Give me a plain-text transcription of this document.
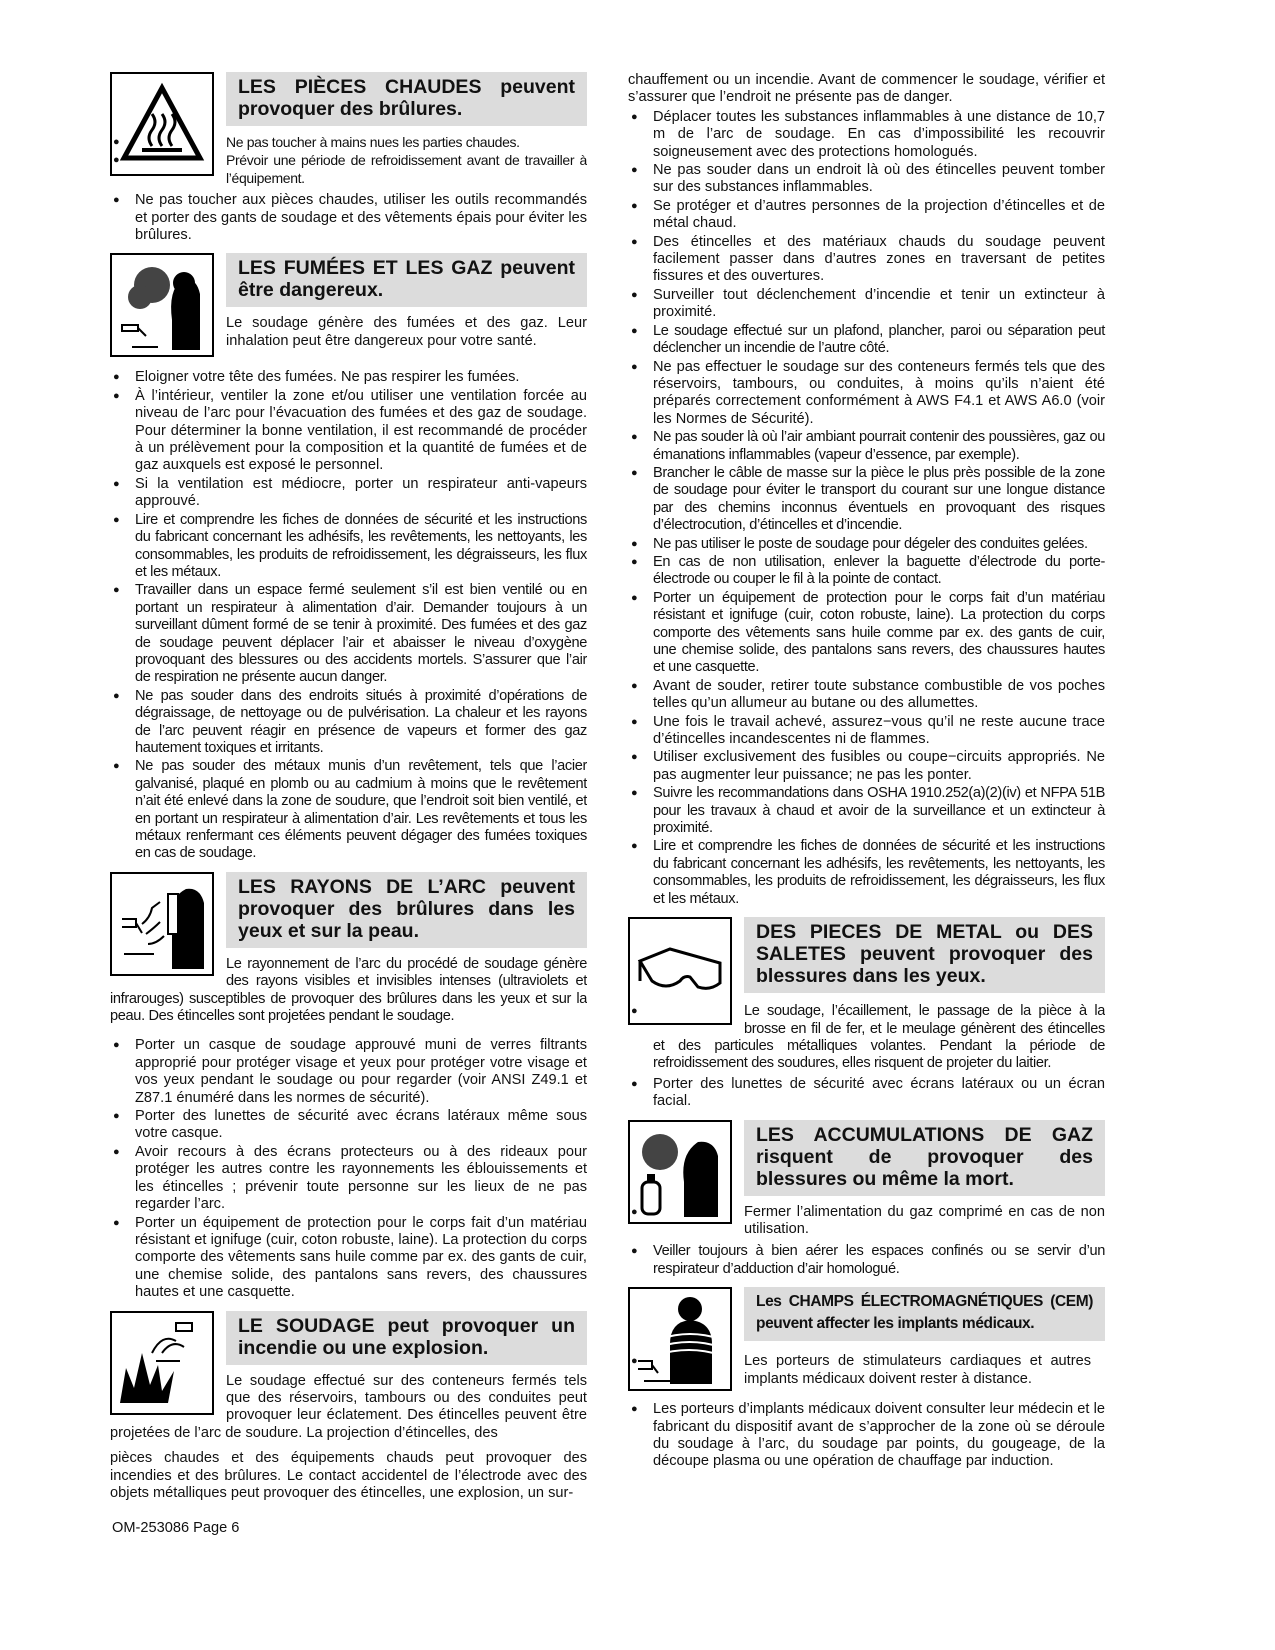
LES PIÈCES CHAUDES peuvent provoquer des brûlures.
● Ne pas toucher à mains nues les parties chaudes.
● Prévoir une période de refroidissement avant de travailler à l’équipement.
● Ne pas toucher aux pièces chaudes, utiliser les outils recommandés et porter des gants de soudage et des vêtements épais pour éviter les brûlures.
LES FUMÉES ET LES GAZ peuvent être dangereux.

Le soudage génère des fumées et des gaz. Leur inhalation peut être dangereux pour votre santé.

● Eloigner votre tête des fumées. Ne pas respirer les fumées.
● À l’intérieur, ventiler la zone et/ou utiliser une ventilation forcée au niveau de l’arc pour l’évacuation des fumées et des gaz de soudage. Pour déterminer la bonne ventilation, il est recommandé de procéder à un prélèvement pour la composition et la quantité de fumées et de gaz auxquels est exposé le personnel.
● Si la ventilation est médiocre, porter un respirateur anti-vapeurs approuvé.
● Lire et comprendre les fiches de données de sécurité et les instructions du fabricant concernant les adhésifs, les revêtements, les nettoyants, les consommables, les produits de refroidissement, les dégraisseurs, les flux et les métaux.
● Travailler dans un espace fermé seulement s’il est bien ventilé ou en portant un respirateur à alimentation d’air. Demander toujours à un surveillant dûment formé de se tenir à proximité. Des fumées et des gaz de soudage peuvent déplacer l’air et abaisser le niveau d’oxygène provoquant des blessures ou des accidents mortels. S’assurer que l’air de respiration ne présente aucun danger.
● Ne pas souder dans des endroits situés à proximité d’opérations de dégraissage, de nettoyage ou de pulvérisation. La chaleur et les rayons de l’arc peuvent réagir en présence de vapeurs et former des gaz hautement toxiques et irritants.
● Ne pas souder des métaux munis d’un revêtement, tels que l’acier galvanisé, plaqué en plomb ou au cadmium à moins que le revêtement n’ait été enlevé dans la zone de soudure, que l’endroit soit bien ventilé, et en portant un respirateur à alimentation d’air. Les revêtements et tous les métaux renfermant ces éléments peuvent dégager des fumées toxiques en cas de soudage.
LES RAYONS DE L’ARC peuvent provoquer des brûlures dans les yeux et sur la peau.

Le rayonnement de l’arc du procédé de soudage génère des rayons visibles et invisibles intenses (ultraviolets et infrarouges) susceptibles de provoquer des brûlures dans les yeux et sur la peau. Des étincelles sont projetées pendant le soudage.

● Porter un casque de soudage approuvé muni de verres filtrants approprié pour protéger visage et yeux pour protéger votre visage et vos yeux pendant le soudage ou pour regarder (voir ANSI Z49.1 et Z87.1 énuméré dans les normes de sécurité).
● Porter des lunettes de sécurité avec écrans latéraux même sous votre casque.
● Avoir recours à des écrans protecteurs ou à des rideaux pour protéger les autres contre les rayonnements les éblouissements et les étincelles ; prévenir toute personne sur les lieux de ne pas regarder l’arc.
● Porter un équipement de protection pour le corps fait d’un matériau résistant et ignifuge (cuir, coton robuste, laine). La protection du corps comporte des vêtements sans huile comme par ex. des gants de cuir, une chemise solide, des pantalons sans revers, des chaussures hautes et une casquette.
LE SOUDAGE peut provoquer un incendie ou une explosion.

Le soudage effectué sur des conteneurs fermés tels que des réservoirs, tambours ou des conduites peut provoquer leur éclatement. Des étincelles peuvent être projetées de l’arc de soudure. La projection d’étincelles, des

pièces chaudes et des équipements chauds peut provoquer des incendies et des brûlures. Le contact accidentel de l’électrode avec des objets métalliques peut provoquer des étincelles, une explosion, un sur-

chauffement ou un incendie. Avant de commencer le soudage, vérifier et s’assurer que l’endroit ne présente pas de danger.

● Déplacer toutes les substances inflammables à une distance de 10,7 m de l’arc de soudage. En cas d’impossibilité les recouvrir soigneusement avec des protections homologués.
● Ne pas souder dans un endroit là où des étincelles peuvent tomber sur des substances inflammables.
● Se protéger et d’autres personnes de la projection d’étincelles et de métal chaud.
● Des étincelles et des matériaux chauds du soudage peuvent facilement passer dans d’autres zones en traversant de petites fissures et des ouvertures.
● Surveiller tout déclenchement d’incendie et tenir un extincteur à proximité.
● Le soudage effectué sur un plafond, plancher, paroi ou séparation peut déclencher un incendie de l’autre côté.
● Ne pas effectuer le soudage sur des conteneurs fermés tels que des réservoirs, tambours, ou conduites, à moins qu’ils n’aient été préparés correctement conformément à AWS F4.1 et AWS A6.0 (voir les Normes de Sécurité).
● Ne pas souder là où l’air ambiant pourrait contenir des poussières, gaz ou émanations inflammables (vapeur d’essence, par exemple).
● Brancher le câble de masse sur la pièce le plus près possible de la zone de soudage pour éviter le transport du courant sur une longue distance par des chemins inconnus éventuels en provoquant des risques d’électrocution, d’étincelles et d’incendie.
● Ne pas utiliser le poste de soudage pour dégeler des conduites gelées.
● En cas de non utilisation, enlever la baguette d’électrode du porte-électrode ou couper le fil à la pointe de contact.
● Porter un équipement de protection pour le corps fait d’un matériau résistant et ignifuge (cuir, coton robuste, laine). La protection du corps comporte des vêtements sans huile comme par ex. des gants de cuir, une chemise solide, des pantalons sans revers, des chaussures hautes et une casquette.
● Avant de souder, retirer toute substance combustible de vos poches telles qu’un allumeur au butane ou des allumettes.
● Une fois le travail achevé, assurez−vous qu’il ne reste aucune trace d’étincelles incandescentes ni de flammes.
● Utiliser exclusivement des fusibles ou coupe−circuits appropriés. Ne pas augmenter leur puissance; ne pas les ponter.
● Suivre les recommandations dans OSHA 1910.252(a)(2)(iv) et NFPA 51B pour les travaux à chaud et avoir de la surveillance et un extincteur à proximité.
● Lire et comprendre les fiches de données de sécurité et les instructions du fabricant concernant les adhésifs, les revêtements, les nettoyants, les consommables, les produits de refroidissement, les dégraisseurs, les flux et les métaux.
DES PIECES DE METAL ou DES SALETES peuvent provoquer des blessures dans les yeux.
● Le soudage, l’écaillement, le passage de la pièce à la brosse en fil de fer, et le meulage génèrent des étincelles et des particules métalliques volantes. Pendant la période de refroidissement des soudures, elles risquent de projeter du laitier.
● Porter des lunettes de sécurité avec écrans latéraux ou un écran facial.
LES ACCUMULATIONS DE GAZ risquent de provoquer des blessures ou même la mort.
● Fermer l’alimentation du gaz comprimé en cas de non utilisation.
● Veiller toujours à bien aérer les espaces confinés ou se servir d’un respirateur d’adduction d’air homologué.
Les CHAMPS ÉLECTROMAGNÉTIQUES (CEM) peuvent affecter les implants médicaux.
● Les porteurs de stimulateurs cardiaques et autres implants médicaux doivent rester à distance.
● Les porteurs d’implants médicaux doivent consulter leur médecin et le fabricant du dispositif avant de s’approcher de la zone où se déroule du soudage à l’arc, du soudage par points, du gougeage, de la découpe plasma ou une opération de chauffage par induction.
OM-253086 Page 6
